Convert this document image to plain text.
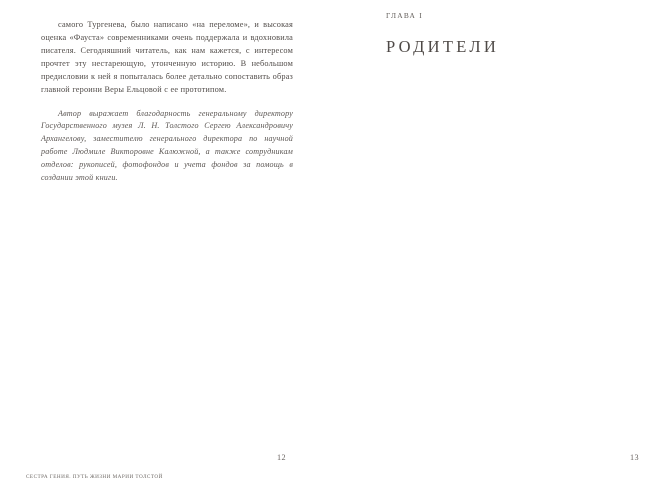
самого Тургенева, было написано «на переломе», и высокая оценка «Фауста» современниками очень поддержала и вдохновила писателя. Сегодняшний читатель, как нам кажется, с интересом прочтет эту нестареющую, утонченную историю. В небольшом предисловии к ней я попыталась более детально сопоставить образ главной героини Веры Ельцовой с ее прототипом.

Автор выражает благодарность генеральному директору Государственного музея Л. Н. Толстого Сергею Александровичу Архангелову, заместителю генерального директора по научной работе Людмиле Викторовне Калюжной, а также сотрудникам отделов: рукописей, фотофондов и учета фондов за помощь в создании этой книги.

СЕСТРА ГЕНИЯ. ПУТЬ ЖИЗНИ МАРИИ ТОЛСТОЙ
12
ГЛАВА I
РОДИТЕЛИ
13
